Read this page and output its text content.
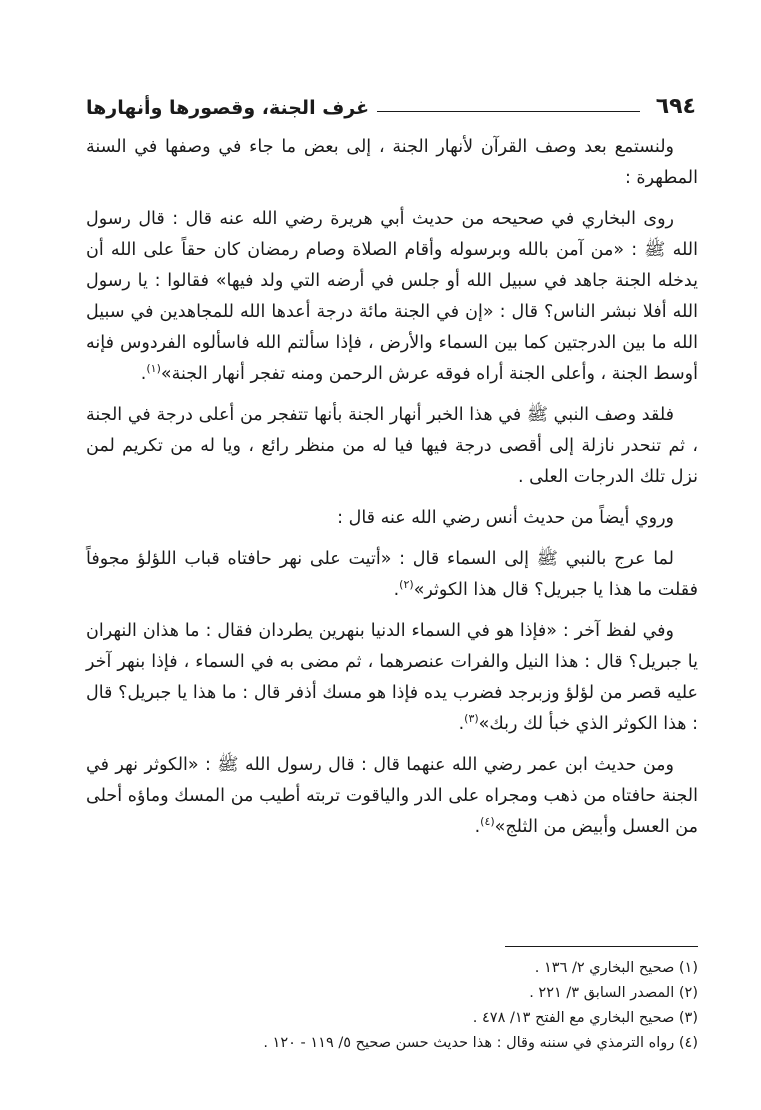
٦٩٤
غرف الجنة، وقصورها وأنهارها

ولنستمع بعد وصف القرآن لأنهار الجنة ، إلى بعض ما جاء في وصفها في السنة المطهرة :

روى البخاري في صحيحه من حديث أبي هريرة رضي الله عنه قال : قال رسول الله ﷺ : «من آمن بالله وبرسوله وأقام الصلاة وصام رمضان كان حقاً على الله أن يدخله الجنة جاهد في سبيل الله أو جلس في أرضه التي ولد فيها» فقالوا : يا رسول الله أفلا نبشر الناس؟ قال : «إن في الجنة مائة درجة أعدها الله للمجاهدين في سبيل الله ما بين الدرجتين كما بين السماء والأرض ، فإذا سألتم الله فاسألوه الفردوس فإنه أوسط الجنة ، وأعلى الجنة أراه فوقه عرش الرحمن ومنه تفجر أنهار الجنة»$^{(١)}$.

فلقد وصف النبي ﷺ في هذا الخبر أنهار الجنة بأنها تتفجر من أعلى درجة في الجنة ، ثم تنحدر نازلة إلى أقصى درجة فيها فيا له من منظر رائع ، ويا له من تكريم لمن نزل تلك الدرجات العلى .

وروي أيضاً من حديث أنس رضي الله عنه قال :

لما عرج بالنبي ﷺ إلى السماء قال : «أتيت على نهر حافتاه قباب اللؤلؤ مجوفاً فقلت ما هذا يا جبريل؟ قال هذا الكوثر»$^{(٢)}$.

وفي لفظ آخر : «فإذا هو في السماء الدنيا بنهرين يطردان فقال : ما هذان النهران يا جبريل؟ قال : هذا النيل والفرات عنصرهما ، ثم مضى به في السماء ، فإذا بنهر آخر عليه قصر من لؤلؤ وزبرجد فضرب يده فإذا هو مسك أذفر قال : ما هذا يا جبريل؟ قال : هذا الكوثر الذي خبأ لك ربك»$^{(٣)}$.

ومن حديث ابن عمر رضي الله عنهما قال : قال رسول الله ﷺ : «الكوثر نهر في الجنة حافتاه من ذهب ومجراه على الدر والياقوت تربته أطيب من المسك وماؤه أحلى من العسل وأبيض من الثلج»$^{(٤)}$.

(١) صحيح البخاري ٢/ ١٣٦ .

(٢) المصدر السابق ٣/ ٢٢١ .

(٣) صحيح البخاري مع الفتح ١٣/ ٤٧٨ .

(٤) رواه الترمذي في سننه وقال : هذا حديث حسن صحيح ٥/ ١١٩ - ١٢٠ .
